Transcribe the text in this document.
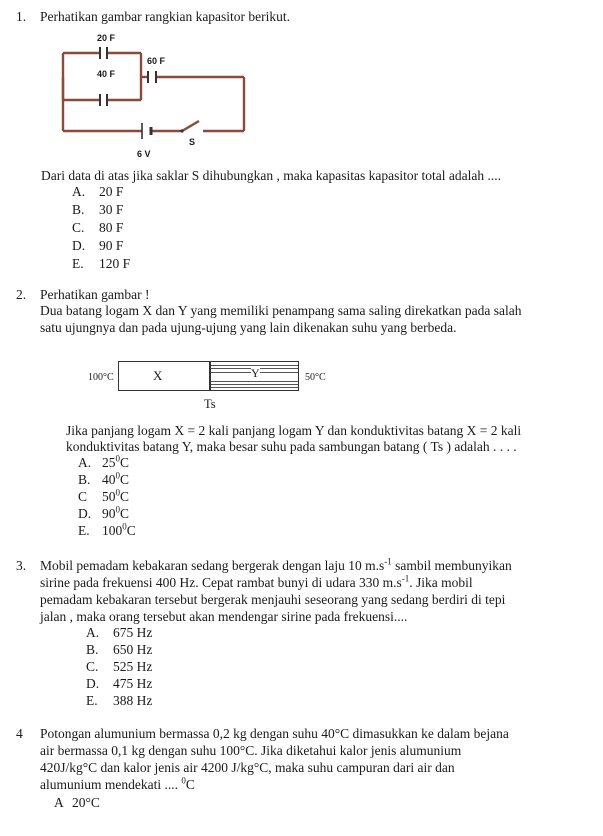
1. Perhatikan gambar rangkian kapasitor berikut.
20 F
40 F
60 F
S
6 V
Dari data di atas jika saklar S dihubungkan , maka kapasitas kapasitor total adalah ....
A. 20 F
B. 30 F
C. 80 F
D. 90 F
E. 120 F
2. Perhatikan gambar !
Dua batang logam X dan Y yang memiliki penampang sama saling direkatkan pada salah
satu ujungnya dan pada ujung-ujung yang lain dikenakan suhu yang berbeda.
100°C	X	Y	50°C
Ts
Jika panjang logam X = 2 kali panjang logam Y dan konduktivitas batang X = 2 kali
konduktivitas batang Y, maka besar suhu pada sambungan batang ( Ts ) adalah . . . .
A. $25^0C$
B. $40^0C$
C $50^0C$
D. $90^0C$
E. $100^0C$
3. Mobil pemadam kebakaran sedang bergerak dengan laju 10 $m.s^{-1}$ sambil membunyikan
sirine pada frekuensi 400 Hz. Cepat rambat bunyi di udara 330 $m.s^{-1}$. Jika mobil
pemadam kebakaran tersebut bergerak menjauhi seseorang yang sedang berdiri di tepi
jalan , maka orang tersebut akan mendengar sirine pada frekuensi....
A. 675 Hz
B. 650 Hz
C. 525 Hz
D. 475 Hz
E. 388 Hz
4 Potongan alumunium bermassa 0,2 kg dengan suhu 40°C dimasukkan ke dalam bejana
air bermassa 0,1 kg dengan suhu 100°C. Jika diketahui kalor jenis alumunium
420J/kg°C dan kalor jenis air 4200 J/kg°C, maka suhu campuran dari air dan
alumunium mendekati .... $^0$C
A 20°C
